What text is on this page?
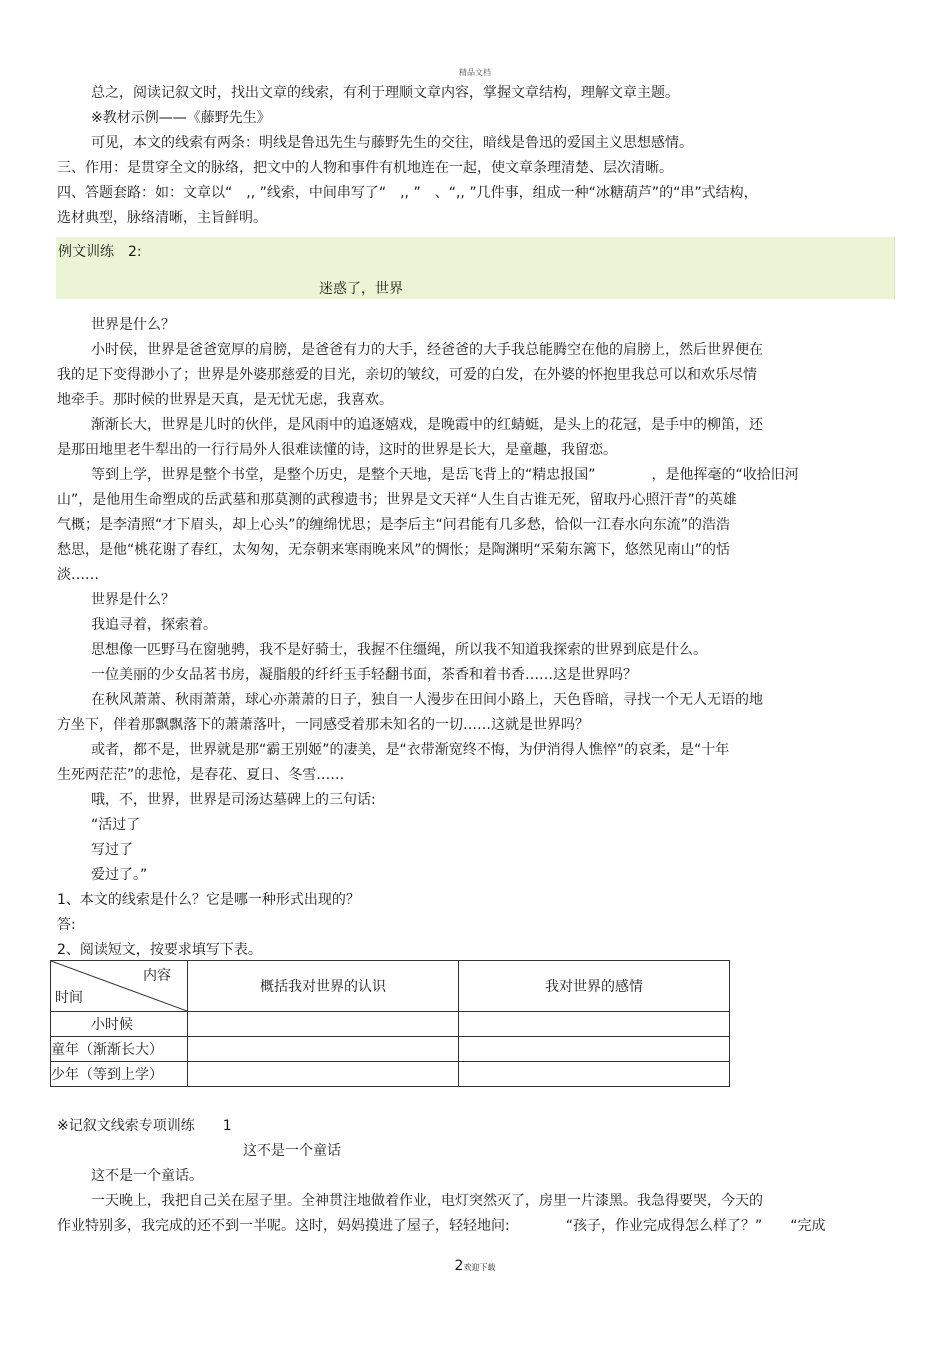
精品文档
总之，阅读记叙文时，找出文章的线索，有利于理顺文章内容，掌握文章结构，理解文章主题。
※教材示例——《藤野先生》
可见，本文的线索有两条：明线是鲁迅先生与藤野先生的交往，暗线是鲁迅的爱国主义思想感情。
三、作用：是贯穿全文的脉络，把文中的人物和事件有机地连在一起，使文章条理清楚、层次清晰。
四、答题套路：如：文章以“　,, ”线索，中间串写了“　,, ”　、“,, ”几件事，组成一种“冰糖葫芦”的“串”式结构，
选材典型，脉络清晰，主旨鲜明。
例文训练　2:
迷惑了，世界
世界是什么？
小时侯，世界是爸爸宽厚的肩膀，是爸爸有力的大手，经爸爸的大手我总能腾空在他的肩膀上，然后世界便在
我的足下变得渺小了；世界是外婆那慈爱的目光，亲切的皱纹，可爱的白发，在外婆的怀抱里我总可以和欢乐尽情
地牵手。那时候的世界是天真，是无忧无虑，我喜欢。
渐渐长大，世界是儿时的伙伴，是风雨中的追逐嬉戏，是晚霞中的红蜻蜓，是头上的花冠，是手中的柳笛，还
是那田地里老牛犁出的一行行局外人很难读懂的诗，这时的世界是长大，是童趣，我留恋。
等到上学，世界是整个书堂，是整个历史，是整个天地，是岳飞背上的“精忠报国”　　　　，是他挥毫的“收拾旧河
山”，是他用生命塑成的岳武墓和那莫测的武穆遗书；世界是文天祥“人生自古谁无死，留取丹心照汗青”的英雄
气概；是李清照“才下眉头，却上心头”的缠绵忧思；是李后主“问君能有几多愁，恰似一江春水向东流”的浩浩
愁思，是他“桃花谢了春红，太匆匆，无奈朝来寒雨晚来风”的惆怅；是陶渊明“采菊东篱下，悠然见南山”的恬
淡……
世界是什么？
我追寻着，探索着。
思想像一匹野马在窗驰骋，我不是好骑士，我握不住缰绳，所以我不知道我探索的世界到底是什么。
一位美丽的少女品茗书房，凝脂般的纤纤玉手轻翻书面，茶香和着书香……这是世界吗？
在秋风萧萧、秋雨萧萧，球心亦萧萧的日子，独自一人漫步在田间小路上，天色昏暗，寻找一个无人无语的地
方坐下，伴着那飘飘落下的萧萧落叶，一同感受着那未知名的一切……这就是世界吗？
或者，都不是，世界就是那“霸王别姬”的凄美，是“衣带渐宽终不悔，为伊消得人憔悴”的哀柔，是“十年
生死两茫茫”的悲怆，是春花、夏日、冬雪……
哦，不，世界，世界是司汤达墓碑上的三句话:
“活过了
写过了
爱过了。”
1、本文的线索是什么？它是哪一种形式出现的？
答:
2、阅读短文，按要求填写下表。
内容
时间	概括我对世界的认识	我对世界的感情
小时候		
童年（渐渐长大）		
少年（等到上学）		
※记叙文线索专项训练　　1
这不是一个童话
这不是一个童话。
一天晚上，我把自己关在屋子里。全神贯注地做着作业，电灯突然灭了，房里一片漆黑。我急得要哭，今天的
作业特别多，我完成的还不到一半呢。这时，妈妈摸进了屋子，轻轻地问:　　　　“孩子，作业完成得怎么样了？”　　“完成
2欢迎下载
